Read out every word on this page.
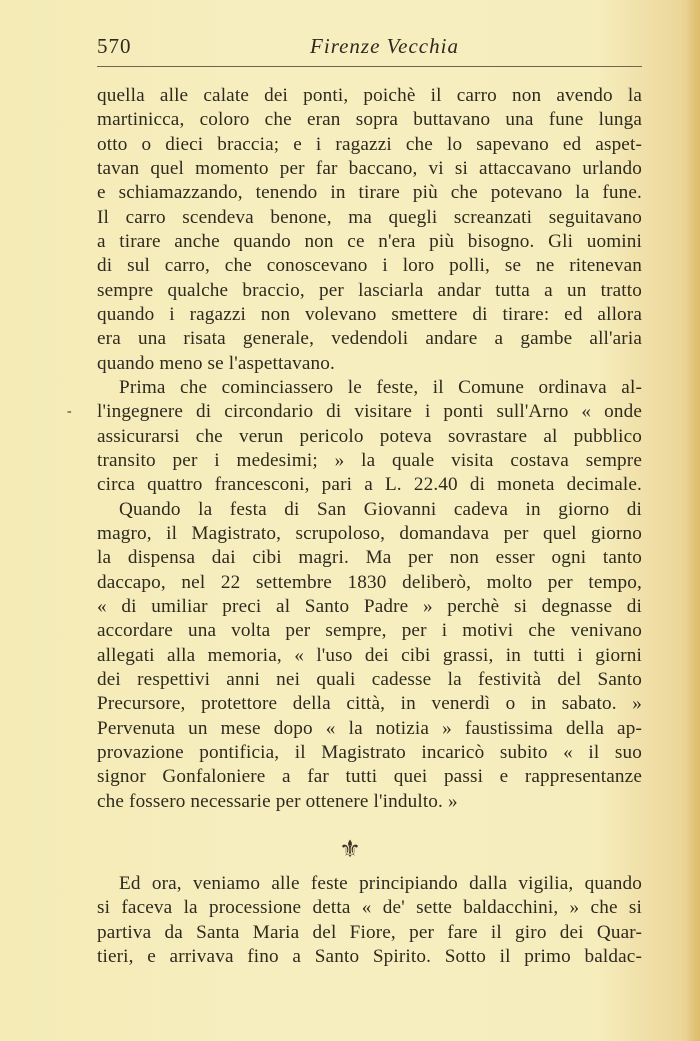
570	Firenze Vecchia
-
quella alle calate dei ponti, poichè il carro non avendo la
martinicca, coloro che eran sopra buttavano una fune lunga
otto o dieci braccia; e i ragazzi che lo sapevano ed aspet-
tavan quel momento per far baccano, vi si attaccavano urlando
e schiamazzando, tenendo in tirare più che potevano la fune.
Il carro scendeva benone, ma quegli screanzati seguitavano
a tirare anche quando non ce n'era più bisogno. Gli uomini
di sul carro, che conoscevano i loro polli, se ne ritenevan
sempre qualche braccio, per lasciarla andar tutta a un tratto
quando i ragazzi non volevano smettere di tirare: ed allora
era una risata generale, vedendoli andare a gambe all'aria
quando meno se l'aspettavano.
Prima che cominciassero le feste, il Comune ordinava al-
l'ingegnere di circondario di visitare i ponti sull'Arno « onde
assicurarsi che verun pericolo poteva sovrastare al pubblico
transito per i medesimi; » la quale visita costava sempre
circa quattro francesconi, pari a L. 22.40 di moneta decimale.
Quando la festa di San Giovanni cadeva in giorno di
magro, il Magistrato, scrupoloso, domandava per quel giorno
la dispensa dai cibi magri. Ma per non esser ogni tanto
daccapo, nel 22 settembre 1830 deliberò, molto per tempo,
« di umiliar preci al Santo Padre » perchè si degnasse di
accordare una volta per sempre, per i motivi che venivano
allegati alla memoria, « l'uso dei cibi grassi, in tutti i giorni
dei respettivi anni nei quali cadesse la festività del Santo
Precursore, protettore della città, in venerdì o in sabato. »
Pervenuta un mese dopo « la notizia » faustissima della ap-
provazione pontificia, il Magistrato incaricò subito « il suo
signor Gonfaloniere a far tutti quei passi e rappresentanze
che fossero necessarie per ottenere l'indulto. »
⚜
Ed ora, veniamo alle feste principiando dalla vigilia, quando
si faceva la processione detta « de' sette baldacchini, » che si
partiva da Santa Maria del Fiore, per fare il giro dei Quar-
tieri, e arrivava fino a Santo Spirito. Sotto il primo baldac-
